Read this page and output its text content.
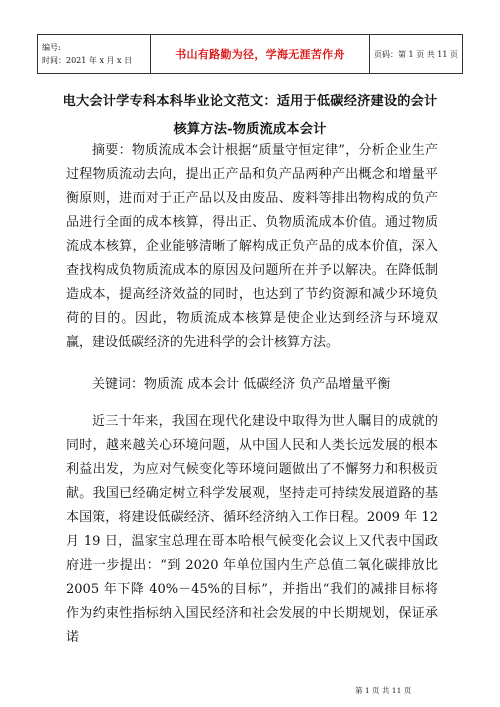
编号:
时间：2021 年 x 月 x 日	书山有路勤为径，学海无涯苦作舟	页码：第 1 页 共 11 页
电大会计学专科本科毕业论文范文：适用于低碳经济建设的会计
核算方法-物质流成本会计

摘要：物质流成本会计根据“质量守恒定律”，分析企业生产过程物质流动去向，提出正产品和负产品两种产出概念和增量平衡原则，进而对于正产品以及由废品、废料等排出物构成的负产品进行全面的成本核算，得出正、负物质流成本价值。通过物质流成本核算，企业能够清晰了解构成正负产品的成本价值，深入查找构成负物质流成本的原因及问题所在并予以解决。在降低制造成本，提高经济效益的同时，也达到了节约资源和减少环境负荷的目的。因此，物质流成本核算是使企业达到经济与环境双赢，建设低碳经济的先进科学的会计核算方法。

关键词：物质流 成本会计 低碳经济 负产品增量平衡

近三十年来，我国在现代化建设中取得为世人瞩目的成就的同时，越来越关心环境问题，从中国人民和人类长远发展的根本利益出发，为应对气候变化等环境问题做出了不懈努力和积极贡献。我国已经确定树立科学发展观，坚持走可持续发展道路的基本国策，将建设低碳经济、循环经济纳入工作日程。2009 年 12 月 19 日，温家宝总理在哥本哈根气候变化会议上又代表中国政府进一步提出：“到 2020 年单位国内生产总值二氧化碳排放比 2005 年下降 40%－45%的目标”，并指出“我们的减排目标将作为约束性指标纳入国民经济和社会发展的中长期规划，保证承诺

第 1 页 共 11 页
